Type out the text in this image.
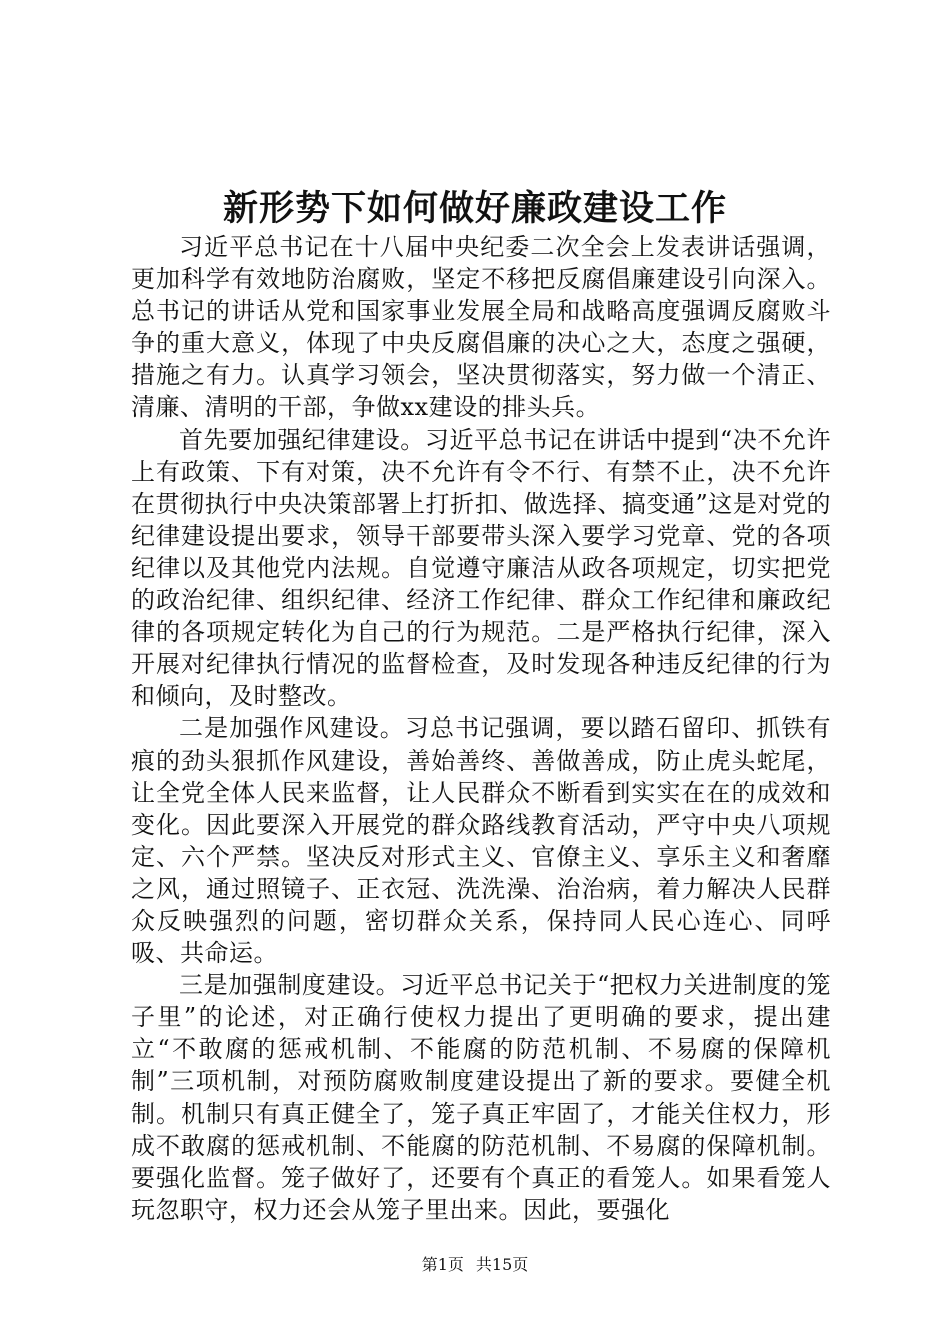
新形势下如何做好廉政建设工作

习近平总书记在十八届中央纪委二次全会上发表讲话强调，更加科学有效地防治腐败，坚定不移把反腐倡廉建设引向深入。总书记的讲话从党和国家事业发展全局和战略高度强调反腐败斗争的重大意义，体现了中央反腐倡廉的决心之大，态度之强硬，措施之有力。认真学习领会，坚决贯彻落实，努力做一个清正、清廉、清明的干部，争做xx建设的排头兵。

首先要加强纪律建设。习近平总书记在讲话中提到“决不允许上有政策、下有对策，决不允许有令不行、有禁不止，决不允许在贯彻执行中央决策部署上打折扣、做选择、搞变通”这是对党的纪律建设提出要求，领导干部要带头深入要学习党章、党的各项纪律以及其他党内法规。自觉遵守廉洁从政各项规定，切实把党的政治纪律、组织纪律、经济工作纪律、群众工作纪律和廉政纪律的各项规定转化为自己的行为规范。二是严格执行纪律，深入开展对纪律执行情况的监督检查，及时发现各种违反纪律的行为和倾向，及时整改。

二是加强作风建设。习总书记强调，要以踏石留印、抓铁有痕的劲头狠抓作风建设，善始善终、善做善成，防止虎头蛇尾，让全党全体人民来监督，让人民群众不断看到实实在在的成效和变化。因此要深入开展党的群众路线教育活动，严守中央八项规定、六个严禁。坚决反对形式主义、官僚主义、享乐主义和奢靡之风，通过照镜子、正衣冠、洗洗澡、治治病，着力解决人民群众反映强烈的问题，密切群众关系，保持同人民心连心、同呼吸、共命运。

三是加强制度建设。习近平总书记关于“把权力关进制度的笼子里”的论述，对正确行使权力提出了更明确的要求，提出建立“不敢腐的惩戒机制、不能腐的防范机制、不易腐的保障机制”三项机制，对预防腐败制度建设提出了新的要求。要健全机制。机制只有真正健全了，笼子真正牢固了，才能关住权力，形成不敢腐的惩戒机制、不能腐的防范机制、不易腐的保障机制。要强化监督。笼子做好了，还要有个真正的看笼人。如果看笼人玩忽职守，权力还会从笼子里出来。因此，要强化

第1页 共15页
